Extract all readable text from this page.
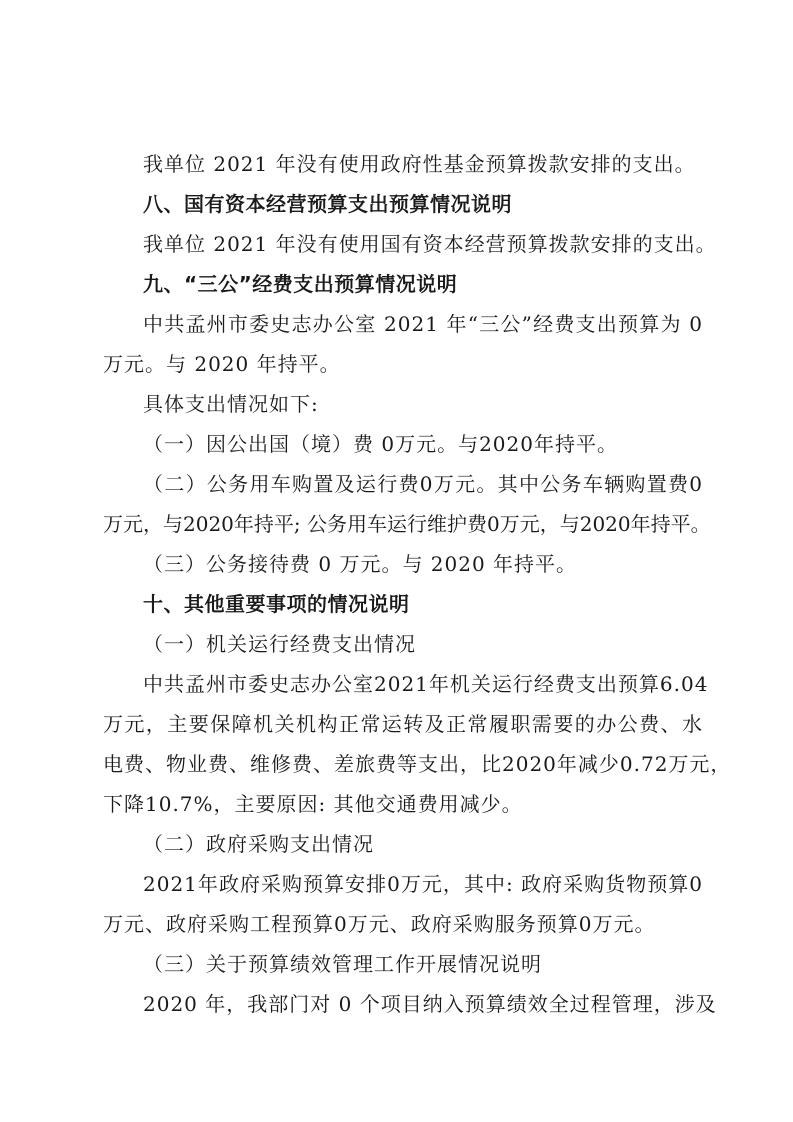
我单位 2021 年没有使用政府性基金预算拨款安排的支出。
八、国有资本经营预算支出预算情况说明
我单位 2021 年没有使用国有资本经营预算拨款安排的支出。
九、“三公”经费支出预算情况说明
中共孟州市委史志办公室 2021 年“三公”经费支出预算为 0
万元。与 2020 年持平。
具体支出情况如下:
（一）因公出国（境）费 0万元。与2020年持平。
（二）公务用车购置及运行费0万元。其中公务车辆购置费0
万元，与2020年持平; 公务用车运行维护费0万元，与2020年持平。
（三）公务接待费 0 万元。与 2020 年持平。
十、其他重要事项的情况说明
（一）机关运行经费支出情况
中共孟州市委史志办公室2021年机关运行经费支出预算6.04
万元，主要保障机关机构正常运转及正常履职需要的办公费、水
电费、物业费、维修费、差旅费等支出，比2020年减少0.72万元，
下降10.7%，主要原因: 其他交通费用减少。
（二）政府采购支出情况
2021年政府采购预算安排0万元，其中: 政府采购货物预算0
万元、政府采购工程预算0万元、政府采购服务预算0万元。
（三）关于预算绩效管理工作开展情况说明
2020 年，我部门对 0 个项目纳入预算绩效全过程管理，涉及
